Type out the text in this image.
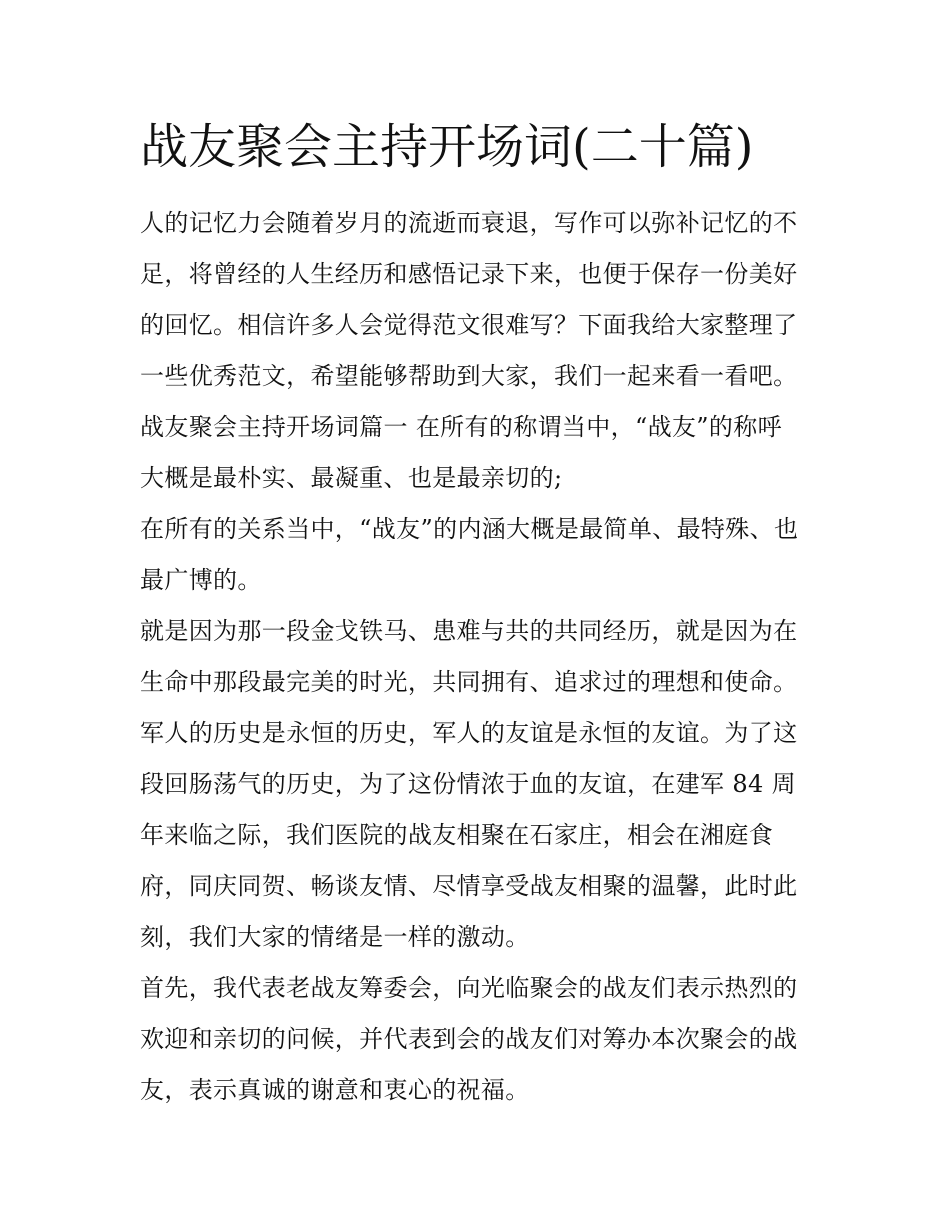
战友聚会主持开场词(二十篇)

人的记忆力会随着岁月的流逝而衰退，写作可以弥补记忆的不

足，将曾经的人生经历和感悟记录下来，也便于保存一份美好

的回忆。相信许多人会觉得范文很难写？下面我给大家整理了

一些优秀范文，希望能够帮助到大家，我们一起来看一看吧。

战友聚会主持开场词篇一 在所有的称谓当中，“战友”的称呼

大概是最朴实、最凝重、也是最亲切的;

在所有的关系当中，“战友”的内涵大概是最简单、最特殊、也

最广博的。

就是因为那一段金戈铁马、患难与共的共同经历，就是因为在

生命中那段最完美的时光，共同拥有、追求过的理想和使命。

军人的历史是永恒的历史，军人的友谊是永恒的友谊。为了这

段回肠荡气的历史，为了这份情浓于血的友谊，在建军 84 周

年来临之际，我们医院的战友相聚在石家庄，相会在湘庭食

府，同庆同贺、畅谈友情、尽情享受战友相聚的温馨，此时此

刻，我们大家的情绪是一样的激动。

首先，我代表老战友筹委会，向光临聚会的战友们表示热烈的

欢迎和亲切的问候，并代表到会的战友们对筹办本次聚会的战

友，表示真诚的谢意和衷心的祝福。
